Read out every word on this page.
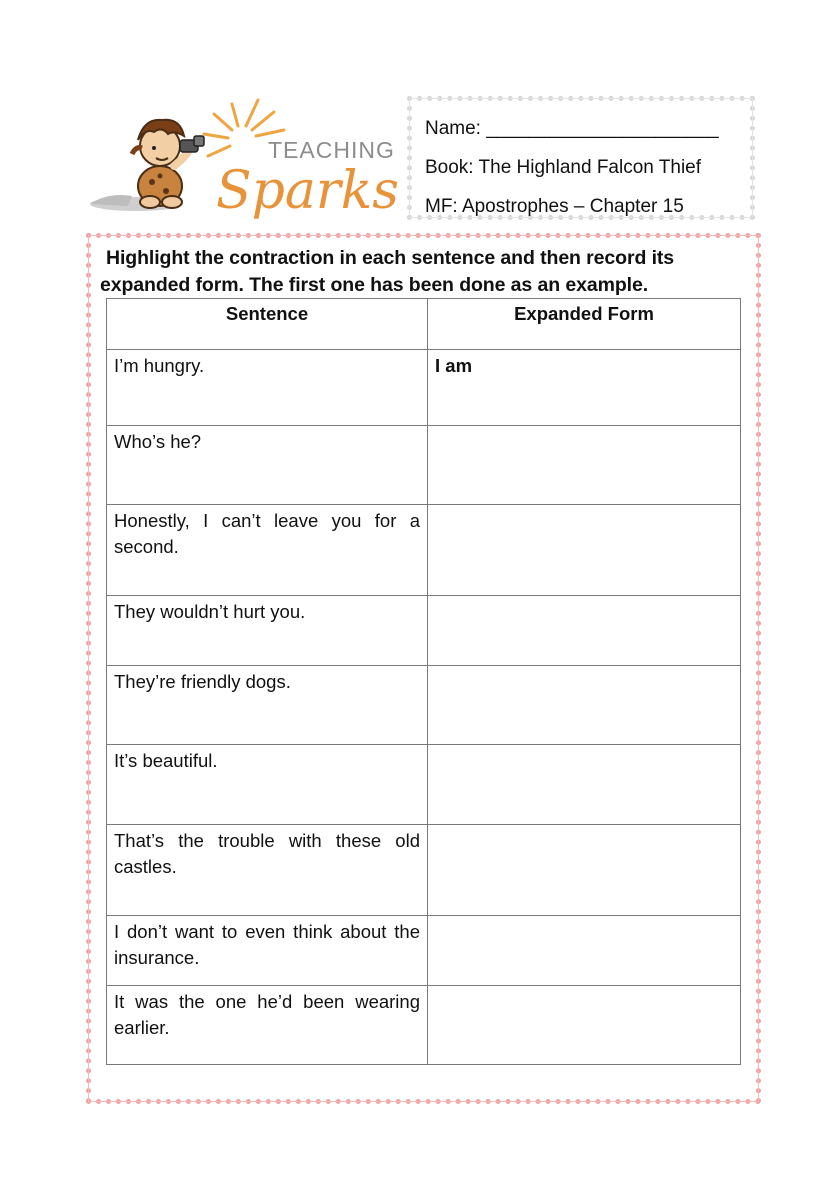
TEACHING
Sparks
Name: ______________________
Book: The Highland Falcon Thief
MF: Apostrophes – Chapter 15
Highlight the contraction in each sentence and then record its
expanded form. The first one has been done as an example.
Sentence	Expanded Form
I’m hungry.	I am
Who’s he?	
Honestly, I can’t leave you for a second.	
They wouldn’t hurt you.	
They’re friendly dogs.	
It’s beautiful.	
That’s the trouble with these old castles.	
I don’t want to even think about the insurance.	
It was the one he’d been wearing earlier.	
